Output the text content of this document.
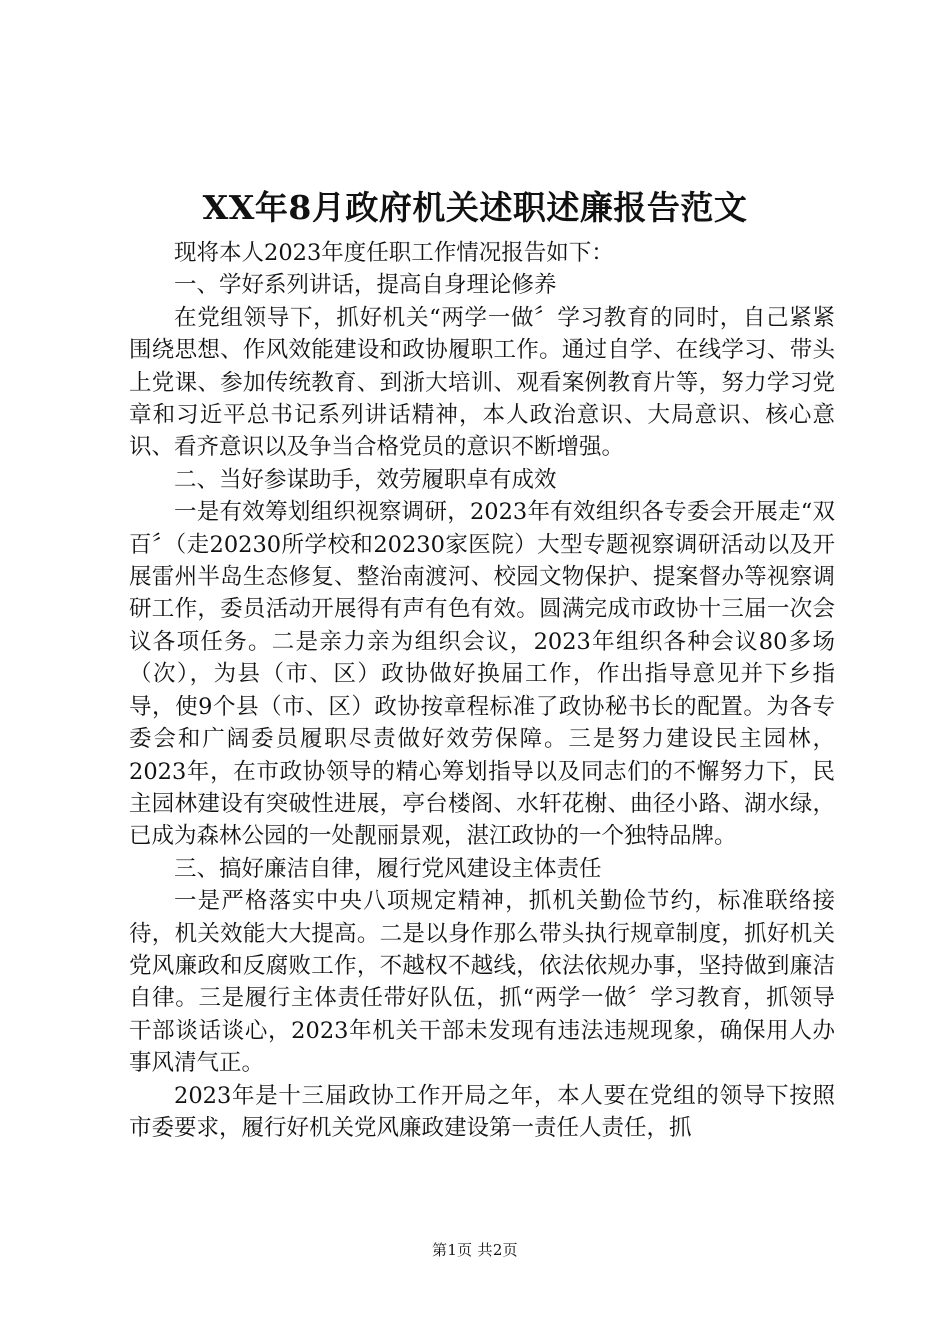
XX年8月政府机关述职述廉报告范文

现将本人2023年度任职工作情况报告如下：

一、学好系列讲话，提高自身理论修养

在党组领导下，抓好机关“两学一做〞学习教育的同时，自己紧紧围绕思想、作风效能建设和政协履职工作。通过自学、在线学习、带头上党课、参加传统教育、到浙大培训、观看案例教育片等，努力学习党章和习近平总书记系列讲话精神，本人政治意识、大局意识、核心意识、看齐意识以及争当合格党员的意识不断增强。

二、当好参谋助手，效劳履职卓有成效

一是有效筹划组织视察调研，2023年有效组织各专委会开展走“双百〞（走20230所学校和20230家医院）大型专题视察调研活动以及开展雷州半岛生态修复、整治南渡河、校园文物保护、提案督办等视察调研工作，委员活动开展得有声有色有效。圆满完成市政协十三届一次会议各项任务。二是亲力亲为组织会议，2023年组织各种会议80多场（次），为县（市、区）政协做好换届工作，作出指导意见并下乡指导，使9个县（市、区）政协按章程标准了政协秘书长的配置。为各专委会和广阔委员履职尽责做好效劳保障。三是努力建设民主园林，2023年，在市政协领导的精心筹划指导以及同志们的不懈努力下，民主园林建设有突破性进展，亭台楼阁、水轩花榭、曲径小路、湖水绿，已成为森林公园的一处靓丽景观，湛江政协的一个独特品牌。

三、搞好廉洁自律，履行党风建设主体责任

一是严格落实中央八项规定精神，抓机关勤俭节约，标准联络接待，机关效能大大提高。二是以身作那么带头执行规章制度，抓好机关党风廉政和反腐败工作，不越权不越线，依法依规办事，坚持做到廉洁自律。三是履行主体责任带好队伍，抓“两学一做〞学习教育，抓领导干部谈话谈心，2023年机关干部未发现有违法违规现象，确保用人办事风清气正。

2023年是十三届政协工作开局之年，本人要在党组的领导下按照市委要求，履行好机关党风廉政建设第一责任人责任，抓

第1页 共2页
